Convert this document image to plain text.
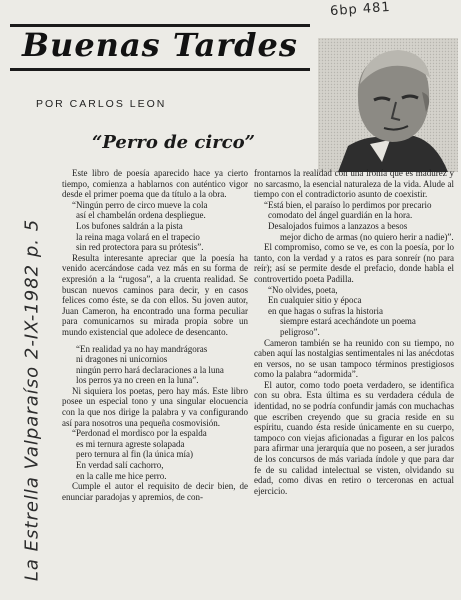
6bp 481
Buenas Tardes
POR CARLOS LEON
“Perro de circo”
La Estrella Valparaíso 2-IX-1982 p. 5

Este libro de poesía aparecido hace ya cierto tiempo, comienza a hablarnos con auténtico vigor desde el primer poema que da título a la obra.

“Ningún perro de circo mueve la cola

así el chambelán ordena despliegue.

Los bufones saldrán a la pista

la reina maga volará en el trapecio

sin red protectora para su prótesis”.

Resulta interesante apreciar que la poesía ha venido acercándose cada vez más en su forma de expresión a la “rugosa”, a la cruenta realidad. Se buscan nuevos caminos para decir, y en casos felices como éste, se da con ellos. Su joven autor, Juan Cameron, ha encontrado una forma peculiar para comunicarnos su mirada propia sobre un mundo existencial que adolece de desencanto.

“En realidad ya no hay mandrágoras

ni dragones ni unicornios

ningún perro hará declaraciones a la luna

los perros ya no creen en la luna”.

Ni siquiera los poetas, pero hay más. Este libro posee un especial tono y una singular elocuencia con la que nos dirige la palabra y va configurando así para nosotros una pequeña cosmovisión.

“Perdonad el mordisco por la espalda

es mi ternura agreste solapada

pero ternura al fin (la única mía)

En verdad salí cachorro,

en la calle me hice perro.

Cumple el autor el requisito de decir bien, de enunciar paradojas y apremios, de con-

frontarnos la realidad con una ironía que es madurez y no sarcasmo, la esencial naturaleza de la vida. Alude al tiempo con el contradictorio asunto de coexistir.

“Está bien, el paraíso lo perdimos por precario

comodato del ángel guardián en la hora.

Desalojados fuimos a lanzazos a besos

mejor dicho de armas (no quiero herir a nadie)”.

El compromiso, como se ve, es con la poesía, por lo tanto, con la verdad y a ratos es para sonreír (no para reír); así se permite desde el prefacio, donde habla el controvertido poeta Padilla.

“No olvides, poeta,

En cualquier sitio y época

en que hagas o sufras la historia

siempre estará acechándote un poema peligroso”.

Cameron también se ha reunido con su tiempo, no caben aquí las nostalgias sentimentales ni las anécdotas en versos, no se usan tampoco términos prestigiosos como la palabra “adormida”.

El autor, como todo poeta verdadero, se identifica con su obra. Esta última es su verdadera cédula de identidad, no se podría confundir jamás con muchachas que escriben creyendo que su gracia reside en su espíritu, cuando ésta reside únicamente en su cuerpo, tampoco con viejas aficionadas a figurar en los palcos para afirmar una jerarquía que no poseen, a ser jurados de los concursos de más variada índole y que para dar fe de su calidad intelectual se visten, olvidando su edad, como divas en retiro o terceronas en actual ejercicio.
